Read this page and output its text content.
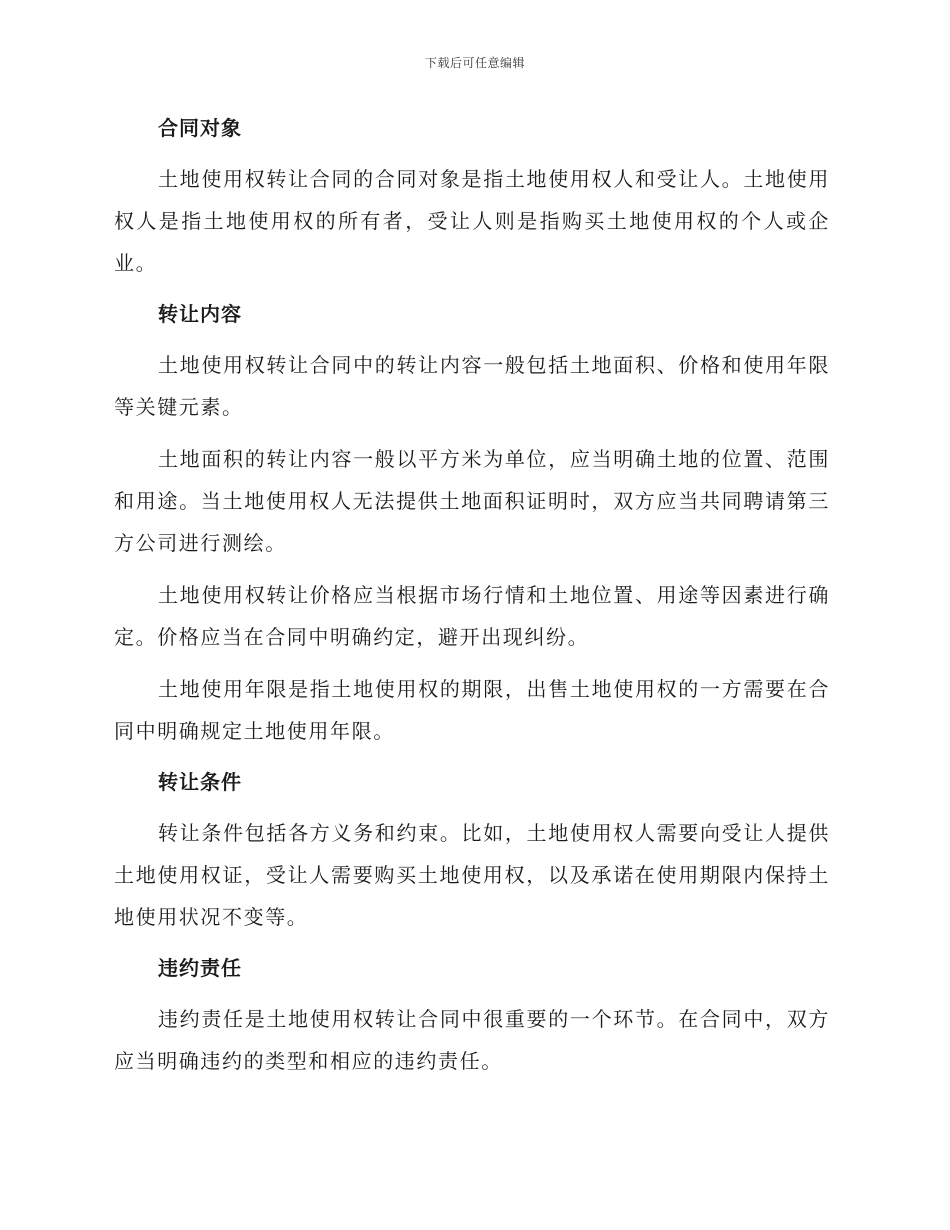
下载后可任意编辑
合同对象

土地使用权转让合同的合同对象是指土地使用权人和受让人。土地使用权人是指土地使用权的所有者，受让人则是指购买土地使用权的个人或企业。

转让内容

土地使用权转让合同中的转让内容一般包括土地面积、价格和使用年限等关键元素。

土地面积的转让内容一般以平方米为单位，应当明确土地的位置、范围和用途。当土地使用权人无法提供土地面积证明时，双方应当共同聘请第三方公司进行测绘。

土地使用权转让价格应当根据市场行情和土地位置、用途等因素进行确定。价格应当在合同中明确约定，避开出现纠纷。

土地使用年限是指土地使用权的期限，出售土地使用权的一方需要在合同中明确规定土地使用年限。

转让条件

转让条件包括各方义务和约束。比如，土地使用权人需要向受让人提供土地使用权证，受让人需要购买土地使用权，以及承诺在使用期限内保持土地使用状况不变等。

违约责任

违约责任是土地使用权转让合同中很重要的一个环节。在合同中，双方应当明确违约的类型和相应的违约责任。
